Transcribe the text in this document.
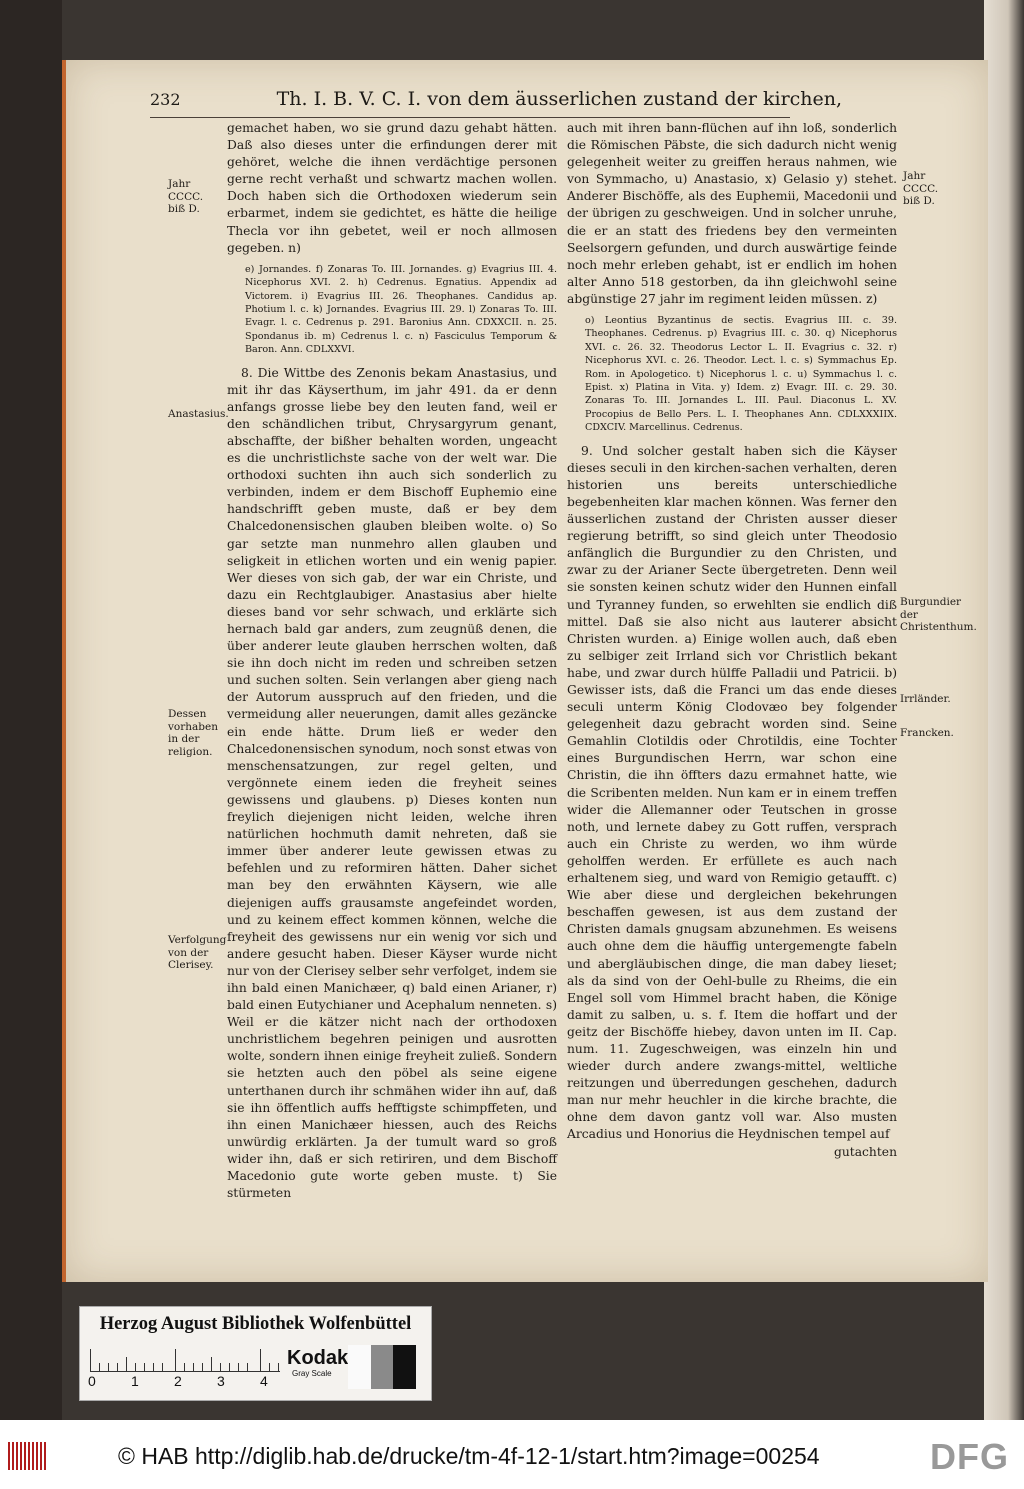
232	Th. I. B. V. C. I. von dem äusserlichen zustand der kirchen,
Jahr CCCC. biß D.
Jahr CCCC. biß D.
Anastasius.
Dessen vorhaben in der religion.
Verfolgung von der Clerisey.
Burgundier der Christenthum.
Irrländer.
Francken.

gemachet haben, wo sie grund dazu gehabt hätten. Daß also dieses unter die erfindungen derer mit gehöret, welche die ihnen verdächtige personen gerne recht verhaßt und schwartz machen wollen. Doch haben sich die Orthodoxen wiederum sein erbarmet, indem sie gedichtet, es hätte die heilige Thecla vor ihn gebetet, weil er noch allmosen gegeben. n)

e) Jornandes. f) Zonaras To. III. Jornandes. g) Evagrius III. 4. Nicephorus XVI. 2. h) Cedrenus. Egnatius. Appendix ad Victorem. i) Evagrius III. 26. Theophanes. Candidus ap. Photium l. c. k) Jornandes. Evagrius III. 29. l) Zonaras To. III. Evagr. l. c. Cedrenus p. 291. Baronius Ann. CDXXCII. n. 25. Spondanus ib. m) Cedrenus l. c. n) Fasciculus Temporum & Baron. Ann. CDLXXVI.

8. Die Wittbe des Zenonis bekam Anastasius, und mit ihr das Käyserthum, im jahr 491. da er denn anfangs grosse liebe bey den leuten fand, weil er den schändlichen tribut, Chrysargyrum genant, abschaffte, der bißher behalten worden, ungeacht es die unchristlichste sache von der welt war. Die orthodoxi suchten ihn auch sich sonderlich zu verbinden, indem er dem Bischoff Euphemio eine handschrifft geben muste, daß er bey dem Chalcedonensischen glauben bleiben wolte. o) So gar setzte man nunmehro allen glauben und seligkeit in etlichen worten und ein wenig papier. Wer dieses von sich gab, der war ein Christe, und dazu ein Rechtglaubiger. Anastasius aber hielte dieses band vor sehr schwach, und erklärte sich hernach bald gar anders, zum zeugnüß denen, die über anderer leute glauben herrschen wolten, daß sie ihn doch nicht im reden und schreiben setzen und suchen solten. Sein verlangen aber gieng nach der Autorum ausspruch auf den frieden, und die vermeidung aller neuerungen, damit alles gezäncke ein ende hätte. Drum ließ er weder den Chalcedonensischen synodum, noch sonst etwas von menschensatzungen, zur regel gelten, und vergönnete einem ieden die freyheit seines gewissens und glaubens. p) Dieses konten nun freylich diejenigen nicht leiden, welche ihren natürlichen hochmuth damit nehreten, daß sie immer über anderer leute gewissen etwas zu befehlen und zu reformiren hätten. Daher sichet man bey den erwähnten Käysern, wie alle diejenigen auffs grausamste angefeindet worden, und zu keinem effect kommen können, welche die freyheit des gewissens nur ein wenig vor sich und andere gesucht haben. Dieser Käyser wurde nicht nur von der Clerisey selber sehr verfolget, indem sie ihn bald einen Manichæer, q) bald einen Arianer, r) bald einen Eutychianer und Acephalum nenneten. s) Weil er die kätzer nicht nach der orthodoxen unchristlichem begehren peinigen und ausrotten wolte, sondern ihnen einige freyheit zuließ. Sondern sie hetzten auch den pöbel als seine eigene unterthanen durch ihr schmähen wider ihn auf, daß sie ihn öffentlich auffs hefftigste schimpffeten, und ihn einen Manichæer hiessen, auch des Reichs unwürdig erklärten. Ja der tumult ward so groß wider ihn, daß er sich retiriren, und dem Bischoff Macedonio gute worte geben muste. t) Sie stürmeten

auch mit ihren bann-flüchen auf ihn loß, sonderlich die Römischen Päbste, die sich dadurch nicht wenig gelegenheit weiter zu greiffen heraus nahmen, wie von Symmacho, u) Anastasio, x) Gelasio y) stehet. Anderer Bischöffe, als des Euphemii, Macedonii und der übrigen zu geschweigen. Und in solcher unruhe, die er an statt des friedens bey den vermeinten Seelsorgern gefunden, und durch auswärtige feinde noch mehr erleben gehabt, ist er endlich im hohen alter Anno 518 gestorben, da ihn gleichwohl seine abgünstige 27 jahr im regiment leiden müssen. z)

o) Leontius Byzantinus de sectis. Evagrius III. c. 39. Theophanes. Cedrenus. p) Evagrius III. c. 30. q) Nicephorus XVI. c. 26. 32. Theodorus Lector L. II. Evagrius c. 32. r) Nicephorus XVI. c. 26. Theodor. Lect. l. c. s) Symmachus Ep. Rom. in Apologetico. t) Nicephorus l. c. u) Symmachus l. c. Epist. x) Platina in Vita. y) Idem. z) Evagr. III. c. 29. 30. Zonaras To. III. Jornandes L. III. Paul. Diaconus L. XV. Procopius de Bello Pers. L. I. Theophanes Ann. CDLXXXIIX. CDXCIV. Marcellinus. Cedrenus.

9. Und solcher gestalt haben sich die Käyser dieses seculi in den kirchen-sachen verhalten, deren historien uns bereits unterschiedliche begebenheiten klar machen können. Was ferner den äusserlichen zustand der Christen ausser dieser regierung betrifft, so sind gleich unter Theodosio anfänglich die Burgundier zu den Christen, und zwar zu der Arianer Secte übergetreten. Denn weil sie sonsten keinen schutz wider den Hunnen einfall und Tyranney funden, so erwehlten sie endlich diß mittel. Daß sie also nicht aus lauterer absicht Christen wurden. a) Einige wollen auch, daß eben zu selbiger zeit Irrland sich vor Christlich bekant habe, und zwar durch hülffe Palladii und Patricii. b) Gewisser ists, daß die Franci um das ende dieses seculi unterm König Clodovæo bey folgender gelegenheit dazu gebracht worden sind. Seine Gemahlin Clotildis oder Chrotildis, eine Tochter eines Burgundischen Herrn, war schon eine Christin, die ihn öffters dazu ermahnet hatte, wie die Scribenten melden. Nun kam er in einem treffen wider die Allemanner oder Teutschen in grosse noth, und lernete dabey zu Gott ruffen, versprach auch ein Christe zu werden, wo ihm würde geholffen werden. Er erfüllete es auch nach erhaltenem sieg, und ward von Remigio getaufft. c) Wie aber diese und dergleichen bekehrungen beschaffen gewesen, ist aus dem zustand der Christen damals gnugsam abzunehmen. Es weisens auch ohne dem die häuffig untergemengte fabeln und abergläubischen dinge, die man dabey lieset; als da sind von der Oehl-bulle zu Rheims, die ein Engel soll vom Himmel bracht haben, die Könige damit zu salben, u. s. f. Item die hoffart und der geitz der Bischöffe hiebey, davon unten im II. Cap. num. 11. Zugeschweigen, was einzeln hin und wieder durch andere zwangs-mittel, weltliche reitzungen und überredungen geschehen, dadurch man nur mehr heuchler in die kirche brachte, die ohne dem davon gantz voll war. Also musten Arcadius und Honorius die Heydnischen tempel auf

gutachten

Herzog August Bibliothek Wolfenbüttel
0	1	2	3	4
Kodak
Gray Scale
© HAB http://diglib.hab.de/drucke/tm-4f-12-1/start.htm?image=00254	DFG
